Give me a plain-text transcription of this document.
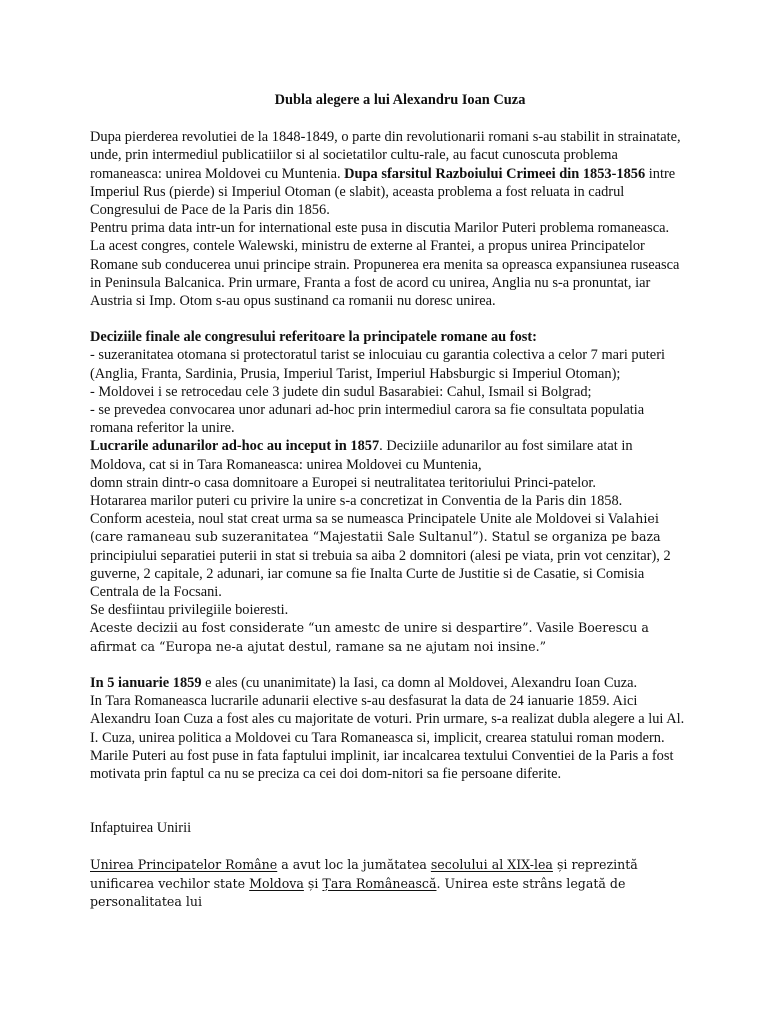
Dubla alegere a lui Alexandru Ioan Cuza

Dupa pierderea revolutiei de la 1848-1849, o parte din revolutionarii romani s-au stabilit in strainatate, unde, prin intermediul publicatiilor si al societatilor cultu-rale, au facut cunoscuta problema romaneasca: unirea Moldovei cu Muntenia. Dupa sfarsitul Razboiului Crimeei din 1853-1856 intre Imperiul Rus (pierde) si Imperiul Otoman (e slabit), aceasta problema a fost reluata in cadrul Congresului de Pace de la Paris din 1856.

Pentru prima data intr-un for international este pusa in discutia Marilor Puteri problema romaneasca. La acest congres, contele Walewski, ministru de externe al Frantei, a propus unirea Principatelor Romane sub conducerea unui principe strain. Propunerea era menita sa opreasca expansiunea ruseasca in Peninsula Balcanica. Prin urmare, Franta a fost de acord cu unirea, Anglia nu s-a pronuntat, iar Austria si Imp. Otom s-au opus sustinand ca romanii nu doresc unirea.

Deciziile finale ale congresului referitoare la principatele romane au fost:

- suzeranitatea otomana si protectoratul tarist se inlocuiau cu garantia colectiva a celor 7 mari puteri (Anglia, Franta, Sardinia, Prusia, Imperiul Tarist, Imperiul Habsburgic si Imperiul Otoman);

- Moldovei i se retrocedau cele 3 judete din sudul Basarabiei: Cahul, Ismail si Bolgrad;

- se prevedea convocarea unor adunari ad-hoc prin intermediul carora sa fie consultata populatia romana referitor la unire.

Lucrarile adunarilor ad-hoc au inceput in 1857. Deciziile adunarilor au fost similare atat in Moldova, cat si in Tara Romaneasca: unirea Moldovei cu Muntenia,

domn strain dintr-o casa domnitoare a Europei si neutralitatea teritoriului Princi-patelor.

Hotararea marilor puteri cu privire la unire s-a concretizat in Conventia de la Paris din 1858.

Conform acesteia, noul stat creat urma sa se numeasca Principatele Unite ale Moldovei si Valahiei (care ramaneau sub suzeranitatea “Majestatii Sale Sultanul”). Statul se organiza pe baza principiului separatiei puterii in stat si trebuia sa aiba 2 domnitori (alesi pe viata, prin vot cenzitar), 2 guverne, 2 capitale, 2 adunari, iar comune sa fie Inalta Curte de Justitie si de Casatie, si Comisia Centrala de la Focsani.

Se desfiintau privilegiile boieresti.

Aceste decizii au fost considerate “un amestc de unire si despartire”. Vasile Boerescu a afirmat ca “Europa ne-a ajutat destul, ramane sa ne ajutam noi insine.”

In 5 ianuarie 1859 e ales (cu unanimitate) la Iasi, ca domn al Moldovei, Alexandru Ioan Cuza.

In Tara Romaneasca lucrarile adunarii elective s-au desfasurat la data de 24 ianuarie 1859. Aici Alexandru Ioan Cuza a fost ales cu majoritate de voturi. Prin urmare, s-a realizat dubla alegere a lui Al. I. Cuza, unirea politica a Moldovei cu Tara Romaneasca si, implicit, crearea statului roman modern.

Marile Puteri au fost puse in fata faptului implinit, iar incalcarea textului Conventiei de la Paris a fost motivata prin faptul ca nu se preciza ca cei doi dom-nitori sa fie persoane diferite.

Infaptuirea Unirii

Unirea Principatelor Române a avut loc la jumătatea secolului al XIX-lea și reprezintă unificarea vechilor state Moldova și Țara Românească. Unirea este strâns legată de personalitatea lui
